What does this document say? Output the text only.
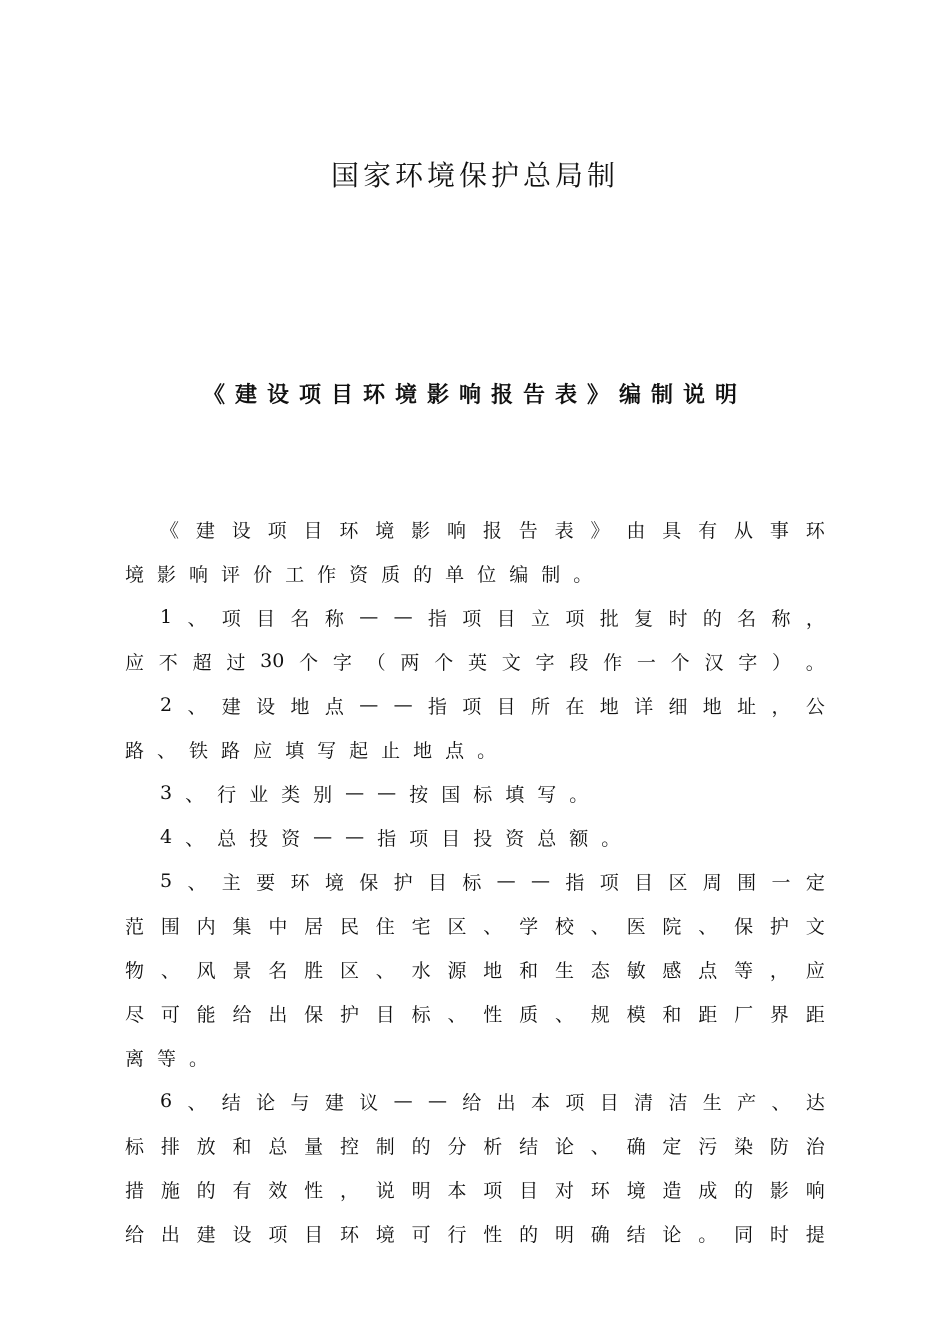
国家环境保护总局制
《建设项目环境影响报告表》编制说明
《 建 设 项 目 环 境 影 响 报 告 表 》 由 具 有 从 事 环
境 影 响 评 价 工 作 资 质 的 单 位 编 制 。
1 、 项 目 名 称 — — 指 项 目 立 项 批 复 时 的 名 称 ，
应 不 超 过 30 个 字 （ 两 个 英 文 字 段 作 一 个 汉 字 ） 。
2 、 建 设 地 点 — — 指 项 目 所 在 地 详 细 地 址 ， 公
路 、 铁 路 应 填 写 起 止 地 点 。
3 、 行 业 类 别 — — 按 国 标 填 写 。
4 、 总 投 资 — — 指 项 目 投 资 总 额 。
5 、 主 要 环 境 保 护 目 标 — — 指 项 目 区 周 围 一 定
范 围 内 集 中 居 民 住 宅 区 、 学 校 、 医 院 、 保 护 文
物 、 风 景 名 胜 区 、 水 源 地 和 生 态 敏 感 点 等 ， 应
尽 可 能 给 出 保 护 目 标 、 性 质 、 规 模 和 距 厂 界 距
离 等 。
6 、 结 论 与 建 议 — — 给 出 本 项 目 清 洁 生 产 、 达
标 排 放 和 总 量 控 制 的 分 析 结 论 、 确 定 污 染 防 治
措 施 的 有 效 性 ， 说 明 本 项 目 对 环 境 造 成 的 影 响
给 出 建 设 项 目 环 境 可 行 性 的 明 确 结 论 。 同 时 提
